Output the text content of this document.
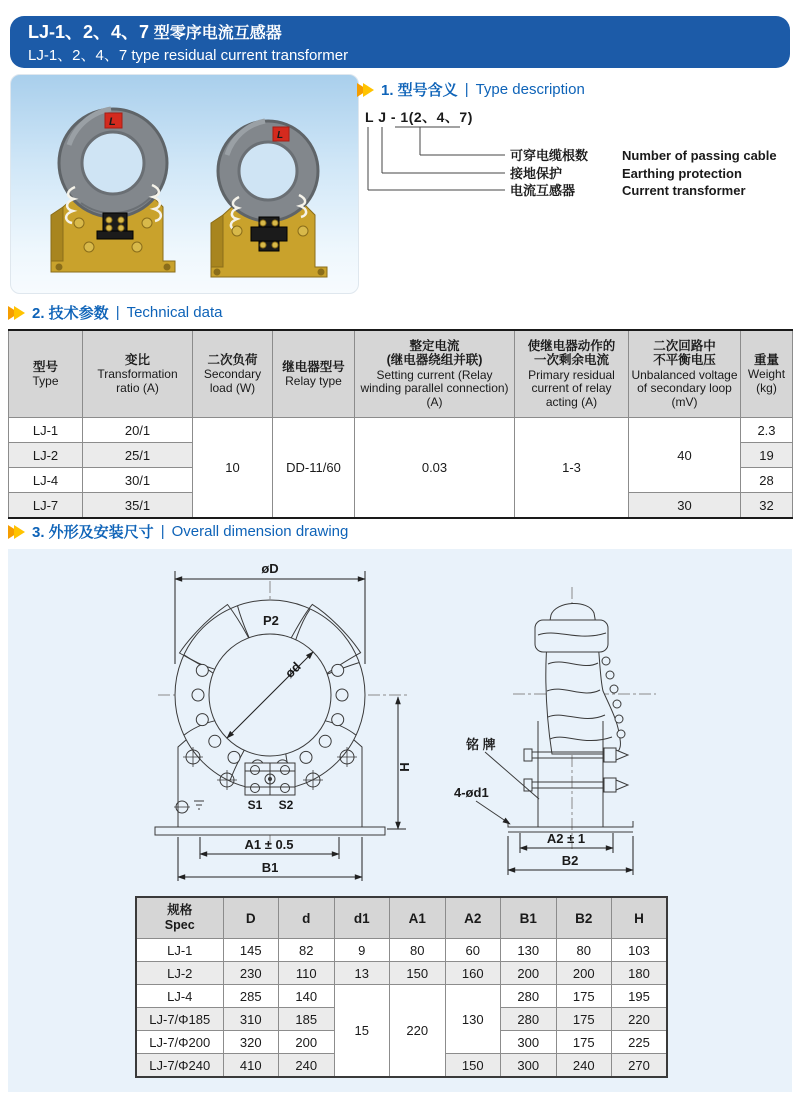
LJ-1、2、4、7 型零序电流互感器
LJ-1、2、4、7 type residual current transformer
L
L
1. 型号含义 | Type description
L J - 1(2、4、7)
可穿电缆根数
接地保护
电流互感器
Number of passing cable
Earthing protection
Current transformer
2. 技术参数 | Technical data
型号
Type	变比
Transformation ratio (A)	二次负荷
Secondary load (W)	继电器型号
Relay type	整定电流
(继电器绕组并联)
Setting current (Relay winding parallel connection) (A)	使继电器动作的
一次剩余电流
Primary residual current of relay acting (A)	二次回路中
不平衡电压
Unbalanced voltage of secondary loop (mV)	重量
Weight (kg)

LJ-1	20/1	10	DD-11/60	0.03	1-3	40	2.3
LJ-2	25/1						19
LJ-4	30/1						28
LJ-7	35/1					30	32
3. 外形及安装尺寸 | Overall dimension drawing
øD
P2
ød
H
S1 S2
A1 ± 0.5
B1
铭 牌
4-ød1
A2 ± 1
B2
规格
Spec	D	d	d1	A1	A2	B1	B2	H
LJ-1	145	82	9	80	60	130	80	103
LJ-2	230	110	13	150	160	200	200	180
LJ-4	285	140	15	220	130	280	175	195
LJ-7/Φ185	310	185				280	175	220
LJ-7/Φ200	320	200				300	175	225
LJ-7/Φ240	410	240			150	300	240	270
